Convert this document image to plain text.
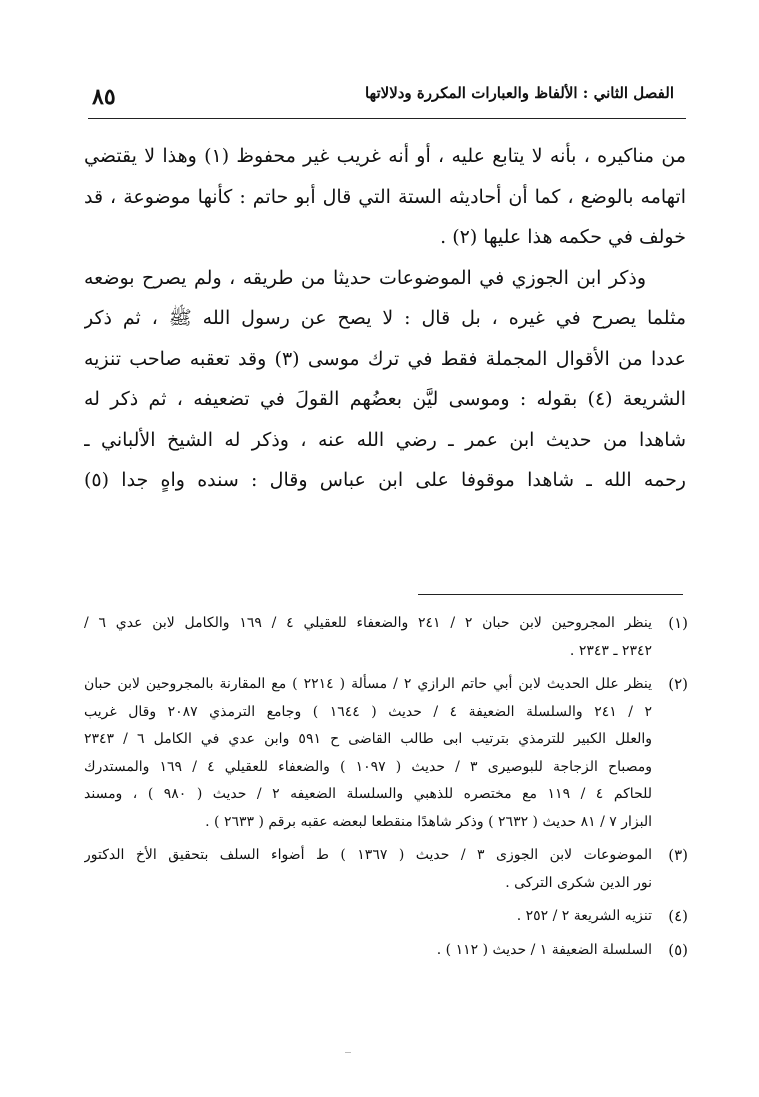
الفصل الثاني : الألفاظ والعبارات المكررة ودلالاتها
٨٥

من مناكيره ، بأنه لا يتابع عليه ، أو أنه غريب غير محفوظ (١) وهذا لا يقتضي
اتهامه بالوضع ، كما أن أحاديثه الستة التي قال أبو حاتم : كأنها موضوعة ، قد
خولف في حكمه هذا عليها (٢) .

وذكر ابن الجوزي في الموضوعات حديثا من طريقه ، ولم يصرح بوضعه
مثلما يصرح في غيره ، بل قال : لا يصح عن رسول الله ﷺ ، ثم ذكر
عددا من الأقوال المجملة فقط في ترك موسى (٣) وقد تعقبه صاحب تنزيه
الشريعة (٤) بقوله : وموسى ليَّن بعضُهم القولَ في تضعيفه ، ثم ذكر له
شاهدا من حديث ابن عمر ـ رضي الله عنه ، وذكر له الشيخ الألباني ـ
رحمه الله ـ شاهدا موقوفا على ابن عباس وقال : سنده واهٍ جدا (٥)

(١)
ينظر المجروحين لابن حبان ٢ / ٢٤١ والضعفاء للعقيلي ٤ / ١٦٩ والكامل لابن عدي ٦ /
٢٣٤٢ ـ ٢٣٤٣ .
(٢)
ينظر علل الحديث لابن أبي حاتم الرازي ٢ / مسألة ( ٢٢١٤ ) مع المقارنة بالمجروحين لابن حبان
٢ / ٢٤١ والسلسلة الضعيفة ٤ / حديث ( ١٦٤٤ ) وجامع الترمذي ٢٠٨٧ وقال غريب
والعلل الكبير للترمذي بترتيب ابى طالب القاضى ح ٥٩١ وابن عدي في الكامل ٦ / ٢٣٤٣
ومصباح الزجاجة للبوصيرى ٣ / حديث ( ١٠٩٧ ) والضعفاء للعقيلي ٤ / ١٦٩ والمستدرك
للحاكم ٤ / ١١٩ مع مختصره للذهبي والسلسلة الضعيفه ٢ / حديث ( ٩٨٠ ) ، ومسند
البزار ٧ / ٨١ حديث ( ٢٦٣٢ ) وذكر شاهدًا منقطعا لبعضه عقبه برقم ( ٢٦٣٣ ) .
(٣)
الموضوعات لابن الجوزى ٣ / حديث ( ١٣٦٧ ) ط أضواء السلف بتحقيق الأخ الدكتور
نور الدين شكرى التركى .
(٤)
تنزيه الشريعة ٢ / ٢٥٢ .
(٥)
السلسلة الضعيفة ١ / حديث ( ١١٢ ) .
